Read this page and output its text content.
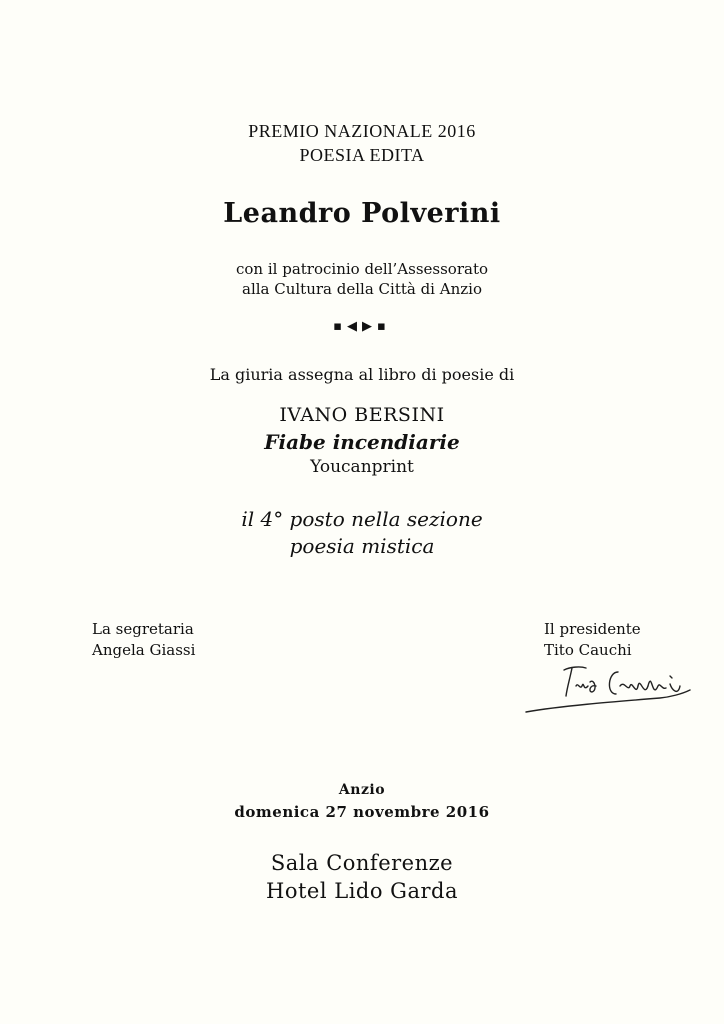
PREMIO NAZIONALE 2016
POESIA EDITA
Leandro Polverini
con il patrocinio dell’Assessorato
alla Cultura della Città di Anzio
▪◀▶▪
La giuria assegna al libro di poesie di
IVANO BERSINI
Fiabe incendiarie
Youcanprint
il 4° posto nella sezione
poesia mistica
La segretaria
Angela Giassi
Il presidente
Tito Cauchi
Anzio
domenica 27 novembre 2016
Sala Conferenze
Hotel Lido Garda
